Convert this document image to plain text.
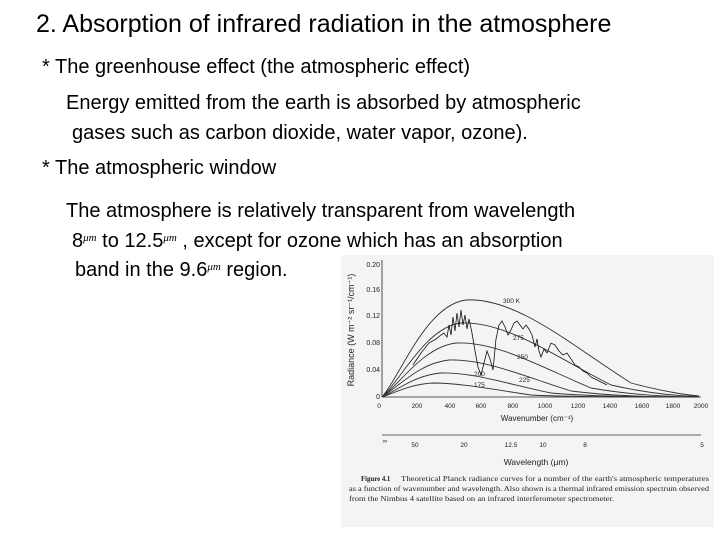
2. Absorption of infrared radiation in the atmosphere
* The greenhouse effect (the atmospheric effect)
Energy emitted from the earth is absorbed by atmospheric
gases such as carbon dioxide, water vapor, ozone).
* The atmospheric window
The atmosphere is relatively transparent from wavelength
$8^{\mu m}$ to $12.5^{\mu m}$ , except for ozone which has an absorption
band in the $9.6^{\mu m}$ region.
Radiance (W m⁻² sr⁻¹/cm⁻¹)
0.20
0.16
0.12
0.08
0.04
0
300 K
275
250
225
200
175
0	200	400	600	800	1000	1200	1400	1600	1800 2000
Wavenumber (cm⁻¹)
∞
50	20	12.5	10	8	5
Wavelength (μm)
Figure 4.1 Theoretical Planck radiance curves for a number of the earth's atmospheric temperatures
as a function of wavenumber and wavelength. Also shown is a thermal infrared emission spectrum observed
from the Nimbus 4 satellite based on an infrared interferometer spectrometer.
